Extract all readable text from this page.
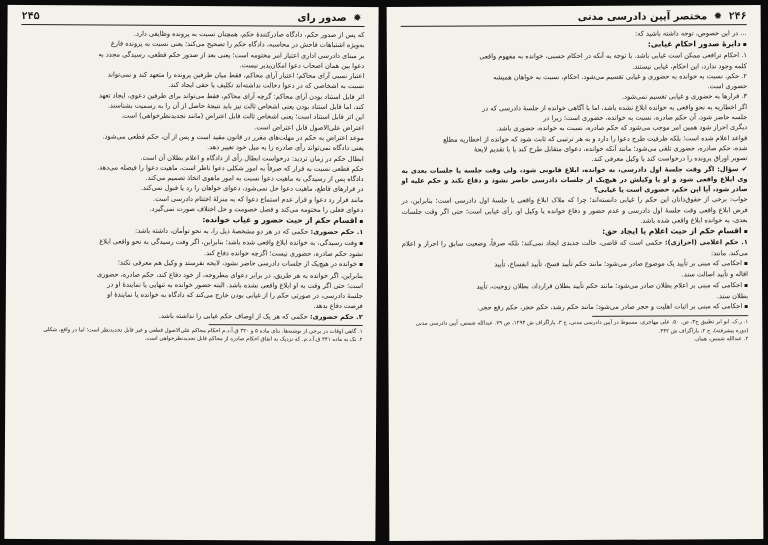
✹ صدور رای
۲۴۵

که پس از صدور حکم، دادگاه صادرکنندهٔ حکم، همچنان نسبت به پرونده وظایفی دارد.

به‌ویژه اشتباهات فاحش در محاسبه، دادگاه حکم را تصحیح می‌کند؛ یعنی نسبت به پرونده فارغ

بر مبنای دادرسی اداری اعتبار امر مختومه است؛ یعنی بعد از صدور حکم قطعی، رسیدگی مجدد به

دعوا بین همان اصحاب دعوا امکان‌پذیر نیست.

اعتبار نسبی آرای محاکم؛ اعتبار آرای محاکم، فقط میان طرفین پرونده را متعهد کند و نمی‌تواند

نسبت به اشخاصی که در دعوا دخالت نداشته‌اند تکلیف یا حقی ایجاد کند.

اثر قابل استناد بودن آرای محاکم: گرچه آرای محاکم، فقط می‌تواند برای طرفین دعوی، ایجاد تعهد

کند، اما قابل استناد بودن یعنی اشخاص ثالث نیز باید نتیجهٔ حاصل از آن را به رسمیت بشناسند.

این اثر قابل استناد است؛ یعنی اشخاص ثالث قابل اعتراض (مانند تجدیدنظرخواهی) است.

اعتراض علی‌الاصول قابل اعتراض است.

موعد اعتراض به حکم در مهلت‌های مقرر در قانون مقید است و پس از آن، حکم قطعی می‌شود.

یعنی دادگاه نمی‌تواند رأی صادره را به میل خود تغییر دهد.

ابطال حکم در زمان تردید: درخواست ابطال رأی از دادگاه و اعلام بطلان آن است.

حکم قطعی نسبت به قرار که صرفاً به امور شکلی دعوا ناظر است، ماهیت دعوا را فیصله می‌دهد.

دادگاه پس از رسیدگی به ماهیت دعوا نسبت به امور ماهوی اتخاذ تصمیم می‌کند.

در قرارهای قاطع، ماهیت دعوا حل نمی‌شود، دعوای خواهان را رد یا قبول نمی‌کند.

مانند قرار رد دعوا و قرار عدم استماع دعوا که به منزلهٔ اختتام دادرسی است.

دعوای فعلی را مختومه می‌کند و فصل خصومت و حل اختلاف صورت نمی‌گیرد.

▪ اقسام حکم از حیث حضور و غیاب خوانده:

۱. حکم حضوری: حکمی که در هر دو مشخصهٔ ذیل را، به نحو توأمان، داشته باشد:

▪ وقت رسیدگی، به خوانده ابلاغ واقعی شده باشد؛ بنابراین، اگر وقت رسیدگی به نحو واقعی ابلاغ

نشود حکم صادره، حضوری نیست؛ اگرچه خوانده دفاع کند.

▪ خوانده در هیچ‌یک از جلسات دادرسی حاضر نشود، لایحه نفرستد و وکیل هم معرفی نکند؛

بنابراین، اگر خوانده به هر طریق، در برابر دعوای مطروحه، از خود دفاع کند، حکم صادره، حضوری

است؛ حتی اگر وقت به او ابلاغ واقعی نشده باشد. البته حضور خوانده به تنهایی یا نمایندهٔ او در

جلسهٔ دادرسی، در صورتی حکم را از غیابی بودن خارج می‌کند که دادگاه به خوانده یا نمایندهٔ او

فرصت دفاع بدهد.

۲. حکم حضوری: حکمی که هر یک از اوصاف حکم غیابی را نداشته باشد.

۱. گاهی اوقات در برخی از نوشته‌ها، بنای ماده ۵ و ۳۲۰ ق.آ.د.م احکام محاکم علی‌الاصول قطعی و غیر قابل تجدیدنظر است؛ اما در واقع، شکلی

۲. نک به ماده ۳۴۱ ق.آ.د.م. که نزدیک به اتفاق احکام صادره از محاکم قابل تجدیدنظرخواهی است.

۲۴۶ ✹ مختصر آیین دادرسی مدنی

… در این خصوص، توجه داشته باشید که:

▪ دایرهٔ صدور احکام غیابی:

۱. احکام ترافعی ممکن است غیابی باشد. با توجه به آنکه در احکام حسبی، خوانده به مفهوم واقعی

کلمه وجود ندارد، این احکام، غیابی نیستند.

۲. حکم، نسبت به خوانده به حضوری و غیابی تقسیم می‌شود. احکام، نسبت به خواهان همیشه

حضوری است.

۳. قرارها به حضوری و غیابی تقسیم نمی‌شود.

اگر اخطاریه به نحو واقعی به خوانده ابلاغ نشده باشد، اما با آگاهی خوانده از جلسهٔ دادرسی که در

جلسه حاضر شود، آن حکم صادره، نسبت به خوانده، حضوری است؛ زیرا در

دیگری احراز شود همین امر موجب می‌شود که حکم صادره، نسبت به خوانده، حضوری باشد.

قواعد اعلام شده است؛ بلکه ظرفیت طرح دعوا را دارد و به هر ترتیبی که ثابت شود که خوانده از اخطاریه مطلع

شده، حکم صادره، حضوری تلقی می‌شود؛ مانند آنکه خوانده، دعوای متقابل طرح کند یا با تقدیم لایحهٔ

تصویر اوراق پرونده را درخواست کند یا وکیل معرفی کند.

✔ سؤال: اگر وقت جلسهٔ اول دادرسی، به خوانده، ابلاغ قانونی شود، ولی وقت جلسه یا جلسات بعدی به وی ابلاغ واقعی شود و او یا وکیلش در هیچ‌یک از جلسات دادرسی حاضر نشود و دفاع نکند و حکم علیه او صادر شود، آیا این حکم، حضوری است یا غیابی؟

جواب: برخی از حقوق‌دانان این حکم را غیابی دانسته‌اند؛ چرا که ملاک ابلاغ واقعی یا جلسهٔ اول دادرسی است؛ بنابراین، در فرض ابلاغ واقعی وقت جلسهٔ اول دادرسی و عدم حضور و دفاع خوانده یا وکیل او، رأی غیابی است؛ حتی اگر وقت جلسات بعدی، به خوانده ابلاغ واقعی شده باشد.

▪ اقسام حکم از حیث اعلام یا ایجاد حق:

۱. حکم اعلامی (احرازی): حکمی است که قاضی، حالت جدیدی ایجاد نمی‌کند؛ بلکه صرفاً، وضعیت سابق را احراز و اعلام می‌کند. مانند:

▪ احکامی که مبنی بر تأیید یک موضوع صادر می‌شود؛ مانند حکم تأیید فسخ، تأیید انفساخ، تأیید

اقاله و تأیید اصالت سند.

▪ احکامی که مبنی بر اعلام بطلان صادر می‌شود؛ مانند حکم تأیید بطلان قرارداد، بطلان زوجیت، تأیید

بطلان سند.

▪ احکامی که مبنی بر اثبات اهلیت و حجر صادر می‌شود؛ مانند حکم رشد، حکم حجر، حکم رفع حجر.

۱. ر.ک. ابو ابر تطبیق ج۳، ص. ۵۰. علی مهاجری، مسبوط در آیین دادرسی مدنی، ج ۳، پاراگراف ش ۱۲۹۴، ص ۷۹. عبدالله شمس، آیین دادرسی مدنی

(دوره پیشرفته)، ج ۲، پاراگراف ش ۴۴۲.

۲. عبدالله شمس، همان.
